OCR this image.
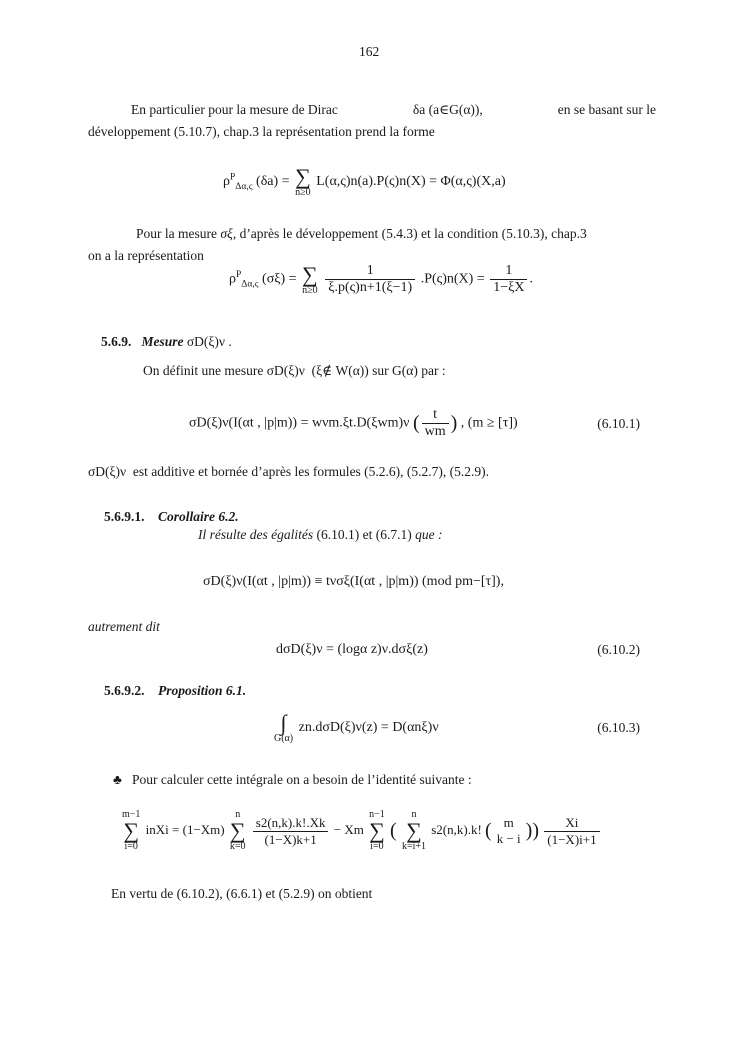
162
En particulier pour la mesure de Dirac	δa (a∈G(α)),	en se basant sur le
développement (5.10.7), chap.3 la représentation prend la forme
$\rho^P_{\Delta\alpha,\varsigma}$ (δa) = ∑
n≥0
L(α,ς)n(a).P(ς)n(X) = Φ(α,ς)(X,a)
Pour la mesure σξ, d’après le développement (5.4.3) et la condition (5.10.3), chap.3
on a la représentation
$\rho^P_{\Delta\alpha,\varsigma}$ (σξ) = ∑
n≥0
$\frac{1}{\xi.p(\varsigma)n+1(\xi-1)} .P(\varsigma)n(X) = \frac{1}{1-\xi X}$ .
5.6.9. Mesure σD(ξ)ν .
On définit une mesure σD(ξ)ν (ξ∉ W(α)) sur G(α) par :
σD(ξ)ν(I(αt , |p|m)) = wνm.ξt.D(ξwm)ν ( $\frac{t}{wm}$ ) , (m ≥ [τ])	(6.10.1)
σD(ξ)ν est additive et bornée d’après les formules (5.2.6), (5.2.7), (5.2.9).
5.6.9.1. Corollaire 6.2.
Il résulte des égalités (6.10.1) et (6.7.1) que :
σD(ξ)ν(I(αt , |p|m)) ≡ tνσξ(I(αt , |p|m)) (mod pm−[τ]),
autrement dit
dσD(ξ)ν = (logα z)ν.dσξ(z)	(6.10.2)
5.6.9.2. Proposition 6.1.
∫
G(α)
zn.dσD(ξ)ν(z) = D(αnξ)ν	(6.10.3)
♣ Pour calculer cette intégrale on a besoin de l’identité suivante :
m−1
∑
i=0
inXi = (1−Xm)
n
∑
k=0
$\frac{s2(n,k).k!.Xk}{(1-X)k+1} - Xm$
n−1
∑
i=0
(
n
∑
k=i+1
s2(n,k).k! ( m
k − i )) $\frac{Xi}{(1-X)i+1}$
En vertu de (6.10.2), (6.6.1) et (5.2.9) on obtient
